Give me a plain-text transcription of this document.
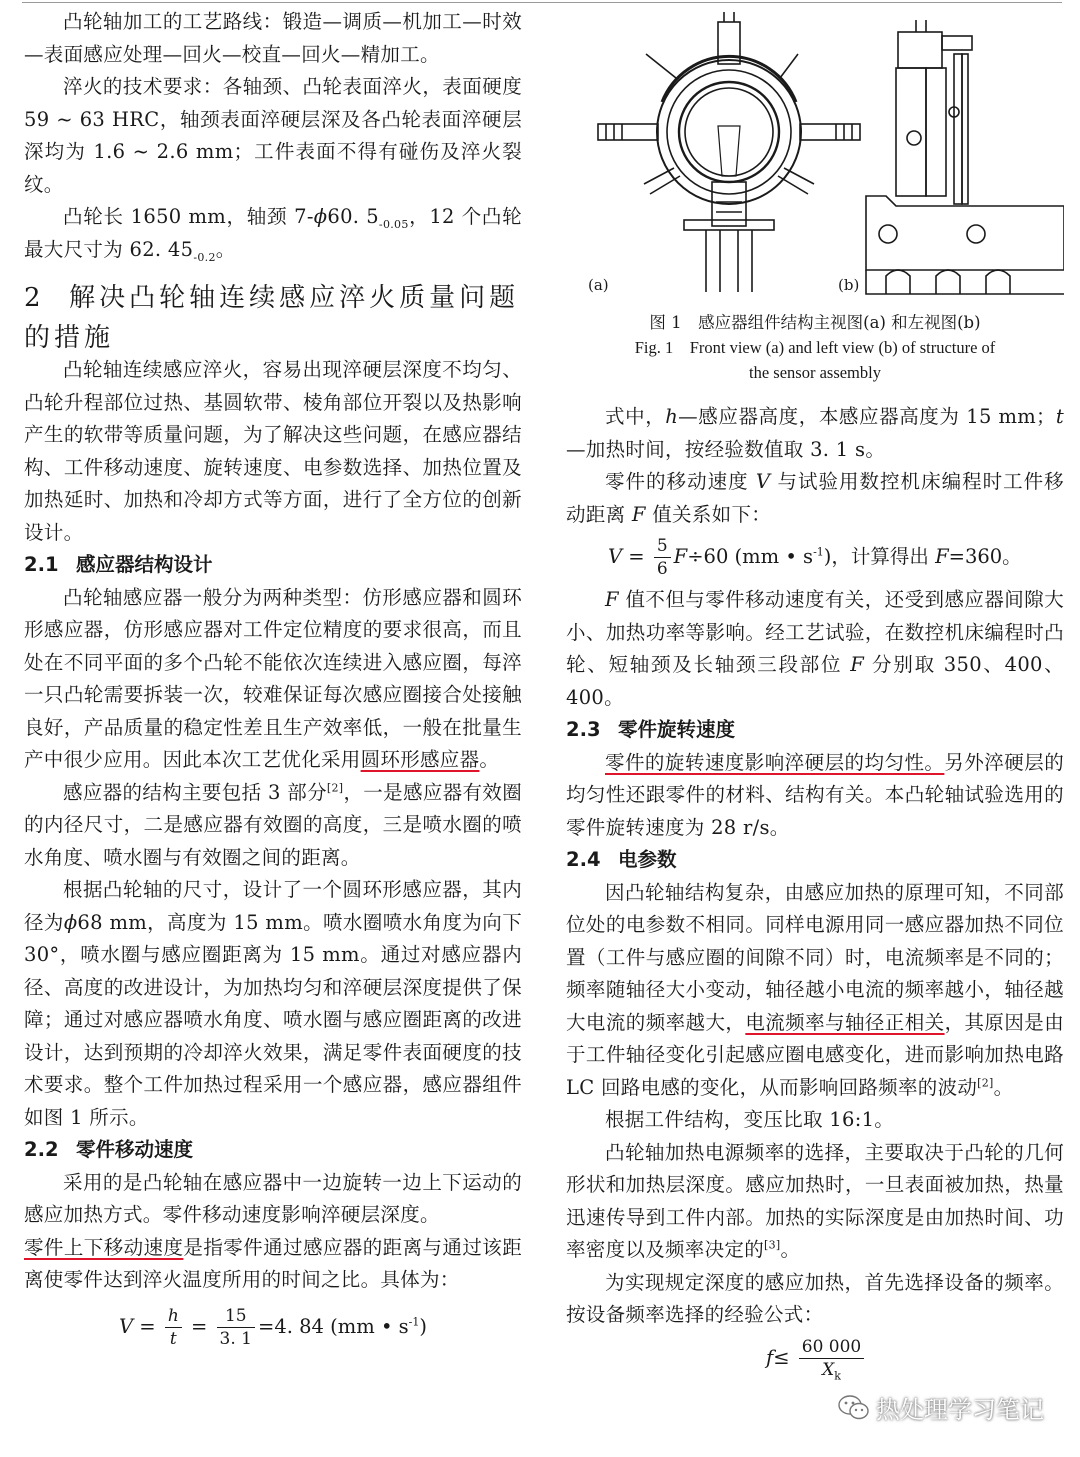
凸轮轴加工的工艺路线：锻造—调质—机加工—时效—表面感应处理—回火—校直—回火—精加工。

淬火的技术要求：各轴颈、凸轮表面淬火，表面硬度 59 ~ 63 HRC，轴颈表面淬硬层深及各凸轮表面淬硬层深均为 1.6 ~ 2.6 mm；工件表面不得有碰伤及淬火裂纹。

凸轮长 1650 mm，轴颈 7-ϕ60. $5_{-0.05}$，12 个凸轮最大尺寸为 62. $45_{-0.2}$。

2 解决凸轮轴连续感应淬火质量问题的措施

凸轮轴连续感应淬火，容易出现淬硬层深度不均匀、凸轮升程部位过热、基圆软带、棱角部位开裂以及热影响产生的软带等质量问题，为了解决这些问题，在感应器结构、工件移动速度、旋转速度、电参数选择、加热位置及加热延时、加热和冷却方式等方面，进行了全方位的创新设计。

2.1 感应器结构设计

凸轮轴感应器一般分为两种类型：仿形感应器和圆环形感应器，仿形感应器对工件定位精度的要求很高，而且处在不同平面的多个凸轮不能依次连续进入感应圈，每淬一只凸轮需要拆装一次，较难保证每次感应圈接合处接触良好，产品质量的稳定性差且生产效率低，一般在批量生产中很少应用。因此本次工艺优化采用圆环形感应器。

感应器的结构主要包括 3 部分[2]，一是感应器有效圈的内径尺寸，二是感应器有效圈的高度，三是喷水圈的喷水角度、喷水圈与有效圈之间的距离。

根据凸轮轴的尺寸，设计了一个圆环形感应器，其内径为ϕ68 mm，高度为 15 mm。喷水圈喷水角度为向下 30°，喷水圈与感应圈距离为 15 mm。通过对感应器内径、高度的改进设计，为加热均匀和淬硬层深度提供了保障；通过对感应器喷水角度、喷水圈与感应圈距离的改进设计，达到预期的冷却淬火效果，满足零件表面硬度的技术要求。整个工件加热过程采用一个感应器，感应器组件如图 1 所示。

2.2 零件移动速度

采用的是凸轮轴在感应器中一边旋转一边上下运动的感应加热方式。零件移动速度影响淬硬层深度。

零件上下移动速度是指零件通过感应器的距离与通过该距离使零件达到淬火温度所用的时间之比。具体为：

$V = \frac{h}{t} = \frac{15}{3. 1} =4$. 84 (mm • $s^{-1}$)
(a)	(b)
图 1　感应器组件结构主视图(a) 和左视图(b)
Fig. 1　Front view (a) and left view (b) of structure of
the sensor assembly

式中，h—感应器高度，本感应器高度为 15 mm；t—加热时间，按经验数值取 3. 1 s。

零件的移动速度 V 与试验用数控机床编程时工件移动距离 F 值关系如下：

$V = \frac{5}{6} F\div 60$ (mm • $s^{-1}$)，计算得出 F=360。

F 值不但与零件移动速度有关，还受到感应器间隙大小、加热功率等影响。经工艺试验，在数控机床编程时凸轮、短轴颈及长轴颈三段部位 F 分别取 350、400、400。

2.3 零件旋转速度

零件的旋转速度影响淬硬层的均匀性。另外淬硬层的均匀性还跟零件的材料、结构有关。本凸轮轴试验选用的零件旋转速度为 28 r/s。

2.4 电参数

因凸轮轴结构复杂，由感应加热的原理可知，不同部位处的电参数不相同。同样电源用同一感应器加热不同位置（工件与感应圈的间隙不同）时，电流频率是不同的；频率随轴径大小变动，轴径越小电流的频率越小，轴径越大电流的频率越大，电流频率与轴径正相关，其原因是由于工件轴径变化引起感应圈电感变化，进而影响加热电路 LC 回路电感的变化，从而影响回路频率的波动[2]。

根据工件结构，变压比取 16:1。

凸轮轴加热电源频率的选择，主要取决于凸轮的几何形状和加热层深度。感应加热时，一旦表面被加热，热量迅速传导到工件内部。加热的实际深度是由加热时间、功率密度以及频率决定的[3]。

为实现规定深度的感应加热，首先选择设备的频率。按设备频率选择的经验公式：

$f\le \frac{60 000}{X_k}$
热处理学习笔记
